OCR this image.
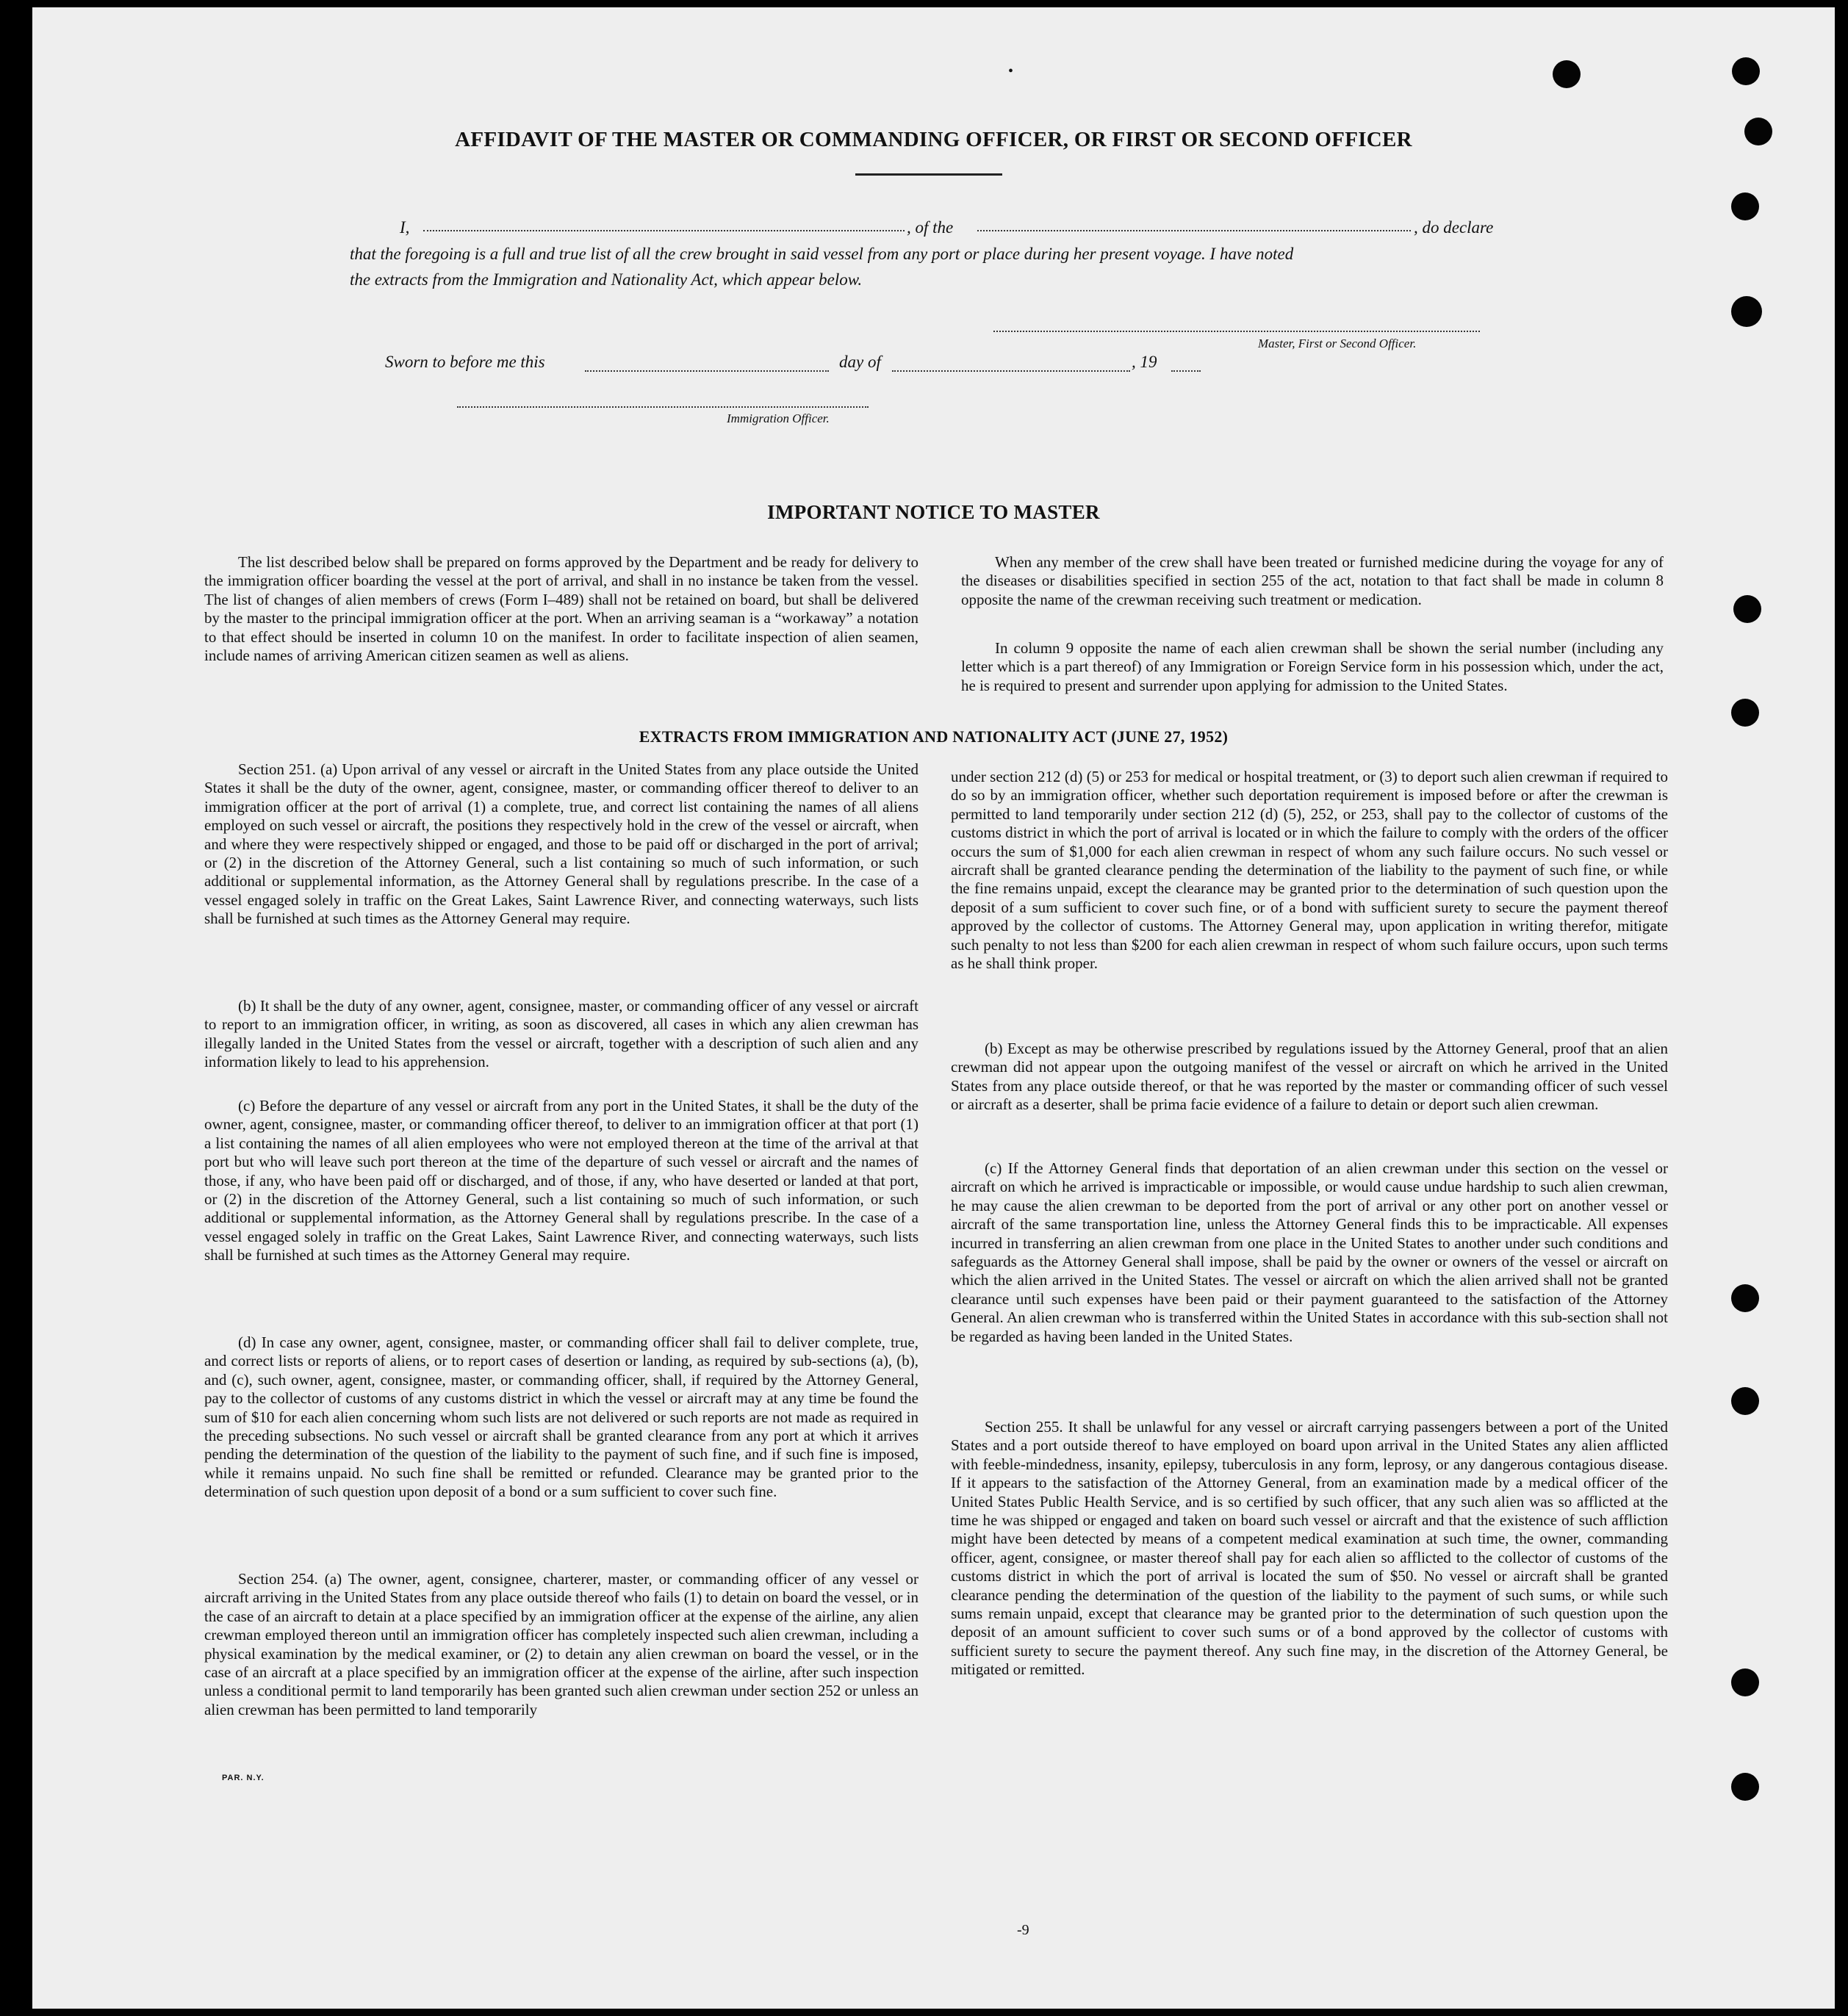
•
AFFIDAVIT OF THE MASTER OR COMMANDING OFFICER, OR FIRST OR SECOND OFFICER
I,	, of the	, do declare
that the foregoing is a full and true list of all the crew brought in said vessel from any port or place during her present voyage. I have noted
the extracts from the Immigration and Nationality Act, which appear below.
Master, First or Second Officer.
Sworn to before me this	day of	, 19
Immigration Officer.
IMPORTANT NOTICE TO MASTER

The list described below shall be prepared on forms approved by the Department and be ready for delivery to the immigration officer boarding the vessel at the port of arrival, and shall in no instance be taken from the vessel. The list of changes of alien members of crews (Form I–489) shall not be retained on board, but shall be delivered by the master to the principal immigration officer at the port. When an arriving seaman is a “workaway” a notation to that effect should be inserted in column 10 on the manifest. In order to facilitate inspection of alien seamen, include names of arriving American citizen seamen as well as aliens.

When any member of the crew shall have been treated or furnished medicine during the voyage for any of the diseases or disabilities specified in section 255 of the act, notation to that fact shall be made in column 8 opposite the name of the crewman receiving such treatment or medication.

In column 9 opposite the name of each alien crewman shall be shown the serial number (including any letter which is a part thereof) of any Immigration or Foreign Service form in his possession which, under the act, he is required to present and surrender upon applying for admission to the United States.

EXTRACTS FROM IMMIGRATION AND NATIONALITY ACT (JUNE 27, 1952)

Section 251. (a) Upon arrival of any vessel or aircraft in the United States from any place outside the United States it shall be the duty of the owner, agent, consignee, master, or commanding officer thereof to deliver to an immigration officer at the port of arrival (1) a complete, true, and correct list containing the names of all aliens employed on such vessel or aircraft, the positions they respectively hold in the crew of the vessel or aircraft, when and where they were respectively shipped or engaged, and those to be paid off or discharged in the port of arrival; or (2) in the discretion of the Attorney General, such a list containing so much of such information, or such additional or supplemental information, as the Attorney General shall by regulations prescribe. In the case of a vessel engaged solely in traffic on the Great Lakes, Saint Lawrence River, and connecting waterways, such lists shall be furnished at such times as the Attorney General may require.

(b) It shall be the duty of any owner, agent, consignee, master, or commanding officer of any vessel or aircraft to report to an immigration officer, in writing, as soon as discovered, all cases in which any alien crewman has illegally landed in the United States from the vessel or aircraft, together with a description of such alien and any information likely to lead to his apprehension.

(c) Before the departure of any vessel or aircraft from any port in the United States, it shall be the duty of the owner, agent, consignee, master, or commanding officer thereof, to deliver to an immigration officer at that port (1) a list containing the names of all alien employees who were not employed thereon at the time of the arrival at that port but who will leave such port thereon at the time of the departure of such vessel or aircraft and the names of those, if any, who have been paid off or discharged, and of those, if any, who have deserted or landed at that port, or (2) in the discretion of the Attorney General, such a list containing so much of such information, or such additional or supplemental information, as the Attorney General shall by regulations prescribe. In the case of a vessel engaged solely in traffic on the Great Lakes, Saint Lawrence River, and connecting waterways, such lists shall be furnished at such times as the Attorney General may require.

(d) In case any owner, agent, consignee, master, or commanding officer shall fail to deliver complete, true, and correct lists or reports of aliens, or to report cases of desertion or landing, as required by sub-sections (a), (b), and (c), such owner, agent, consignee, master, or commanding officer, shall, if required by the Attorney General, pay to the collector of customs of any customs district in which the vessel or aircraft may at any time be found the sum of $10 for each alien concerning whom such lists are not delivered or such reports are not made as required in the preceding subsections. No such vessel or aircraft shall be granted clearance from any port at which it arrives pending the determination of the question of the liability to the payment of such fine, and if such fine is imposed, while it remains unpaid. No such fine shall be remitted or refunded. Clearance may be granted prior to the determination of such question upon deposit of a bond or a sum sufficient to cover such fine.

Section 254. (a) The owner, agent, consignee, charterer, master, or commanding officer of any vessel or aircraft arriving in the United States from any place outside thereof who fails (1) to detain on board the vessel, or in the case of an aircraft to detain at a place specified by an immigration officer at the expense of the airline, any alien crewman employed thereon until an immigration officer has completely inspected such alien crewman, including a physical examination by the medical examiner, or (2) to detain any alien crewman on board the vessel, or in the case of an aircraft at a place specified by an immigration officer at the expense of the airline, after such inspection unless a conditional permit to land temporarily has been granted such alien crewman under section 252 or unless an alien crewman has been permitted to land temporarily

under section 212 (d) (5) or 253 for medical or hospital treatment, or (3) to deport such alien crewman if required to do so by an immigration officer, whether such deportation requirement is imposed before or after the crewman is permitted to land temporarily under section 212 (d) (5), 252, or 253, shall pay to the collector of customs of the customs district in which the port of arrival is located or in which the failure to comply with the orders of the officer occurs the sum of $1,000 for each alien crewman in respect of whom any such failure occurs. No such vessel or aircraft shall be granted clearance pending the determination of the liability to the payment of such fine, or while the fine remains unpaid, except the clearance may be granted prior to the determination of such question upon the deposit of a sum sufficient to cover such fine, or of a bond with sufficient surety to secure the payment thereof approved by the collector of customs. The Attorney General may, upon application in writing therefor, mitigate such penalty to not less than $200 for each alien crewman in respect of whom such failure occurs, upon such terms as he shall think proper.

(b) Except as may be otherwise prescribed by regulations issued by the Attorney General, proof that an alien crewman did not appear upon the outgoing manifest of the vessel or aircraft on which he arrived in the United States from any place outside thereof, or that he was reported by the master or commanding officer of such vessel or aircraft as a deserter, shall be prima facie evidence of a failure to detain or deport such alien crewman.

(c) If the Attorney General finds that deportation of an alien crewman under this section on the vessel or aircraft on which he arrived is impracticable or impossible, or would cause undue hardship to such alien crewman, he may cause the alien crewman to be deported from the port of arrival or any other port on another vessel or aircraft of the same transportation line, unless the Attorney General finds this to be impracticable. All expenses incurred in transferring an alien crewman from one place in the United States to another under such conditions and safeguards as the Attorney General shall impose, shall be paid by the owner or owners of the vessel or aircraft on which the alien arrived in the United States. The vessel or aircraft on which the alien arrived shall not be granted clearance until such expenses have been paid or their payment guaranteed to the satisfaction of the Attorney General. An alien crewman who is transferred within the United States in accordance with this sub-section shall not be regarded as having been landed in the United States.

Section 255. It shall be unlawful for any vessel or aircraft carrying passengers between a port of the United States and a port outside thereof to have employed on board upon arrival in the United States any alien afflicted with feeble-mindedness, insanity, epilepsy, tuberculosis in any form, leprosy, or any dangerous contagious disease. If it appears to the satisfaction of the Attorney General, from an examination made by a medical officer of the United States Public Health Service, and is so certified by such officer, that any such alien was so afflicted at the time he was shipped or engaged and taken on board such vessel or aircraft and that the existence of such affliction might have been detected by means of a competent medical examination at such time, the owner, commanding officer, agent, consignee, or master thereof shall pay for each alien so afflicted to the collector of customs of the customs district in which the port of arrival is located the sum of $50. No vessel or aircraft shall be granted clearance pending the determination of the question of the liability to the payment of such sums, or while such sums remain unpaid, except that clearance may be granted prior to the determination of such question upon the deposit of an amount sufficient to cover such sums or of a bond approved by the collector of customs with sufficient surety to secure the payment thereof. Any such fine may, in the discretion of the Attorney General, be mitigated or remitted.

PAR. N.Y.
-9
